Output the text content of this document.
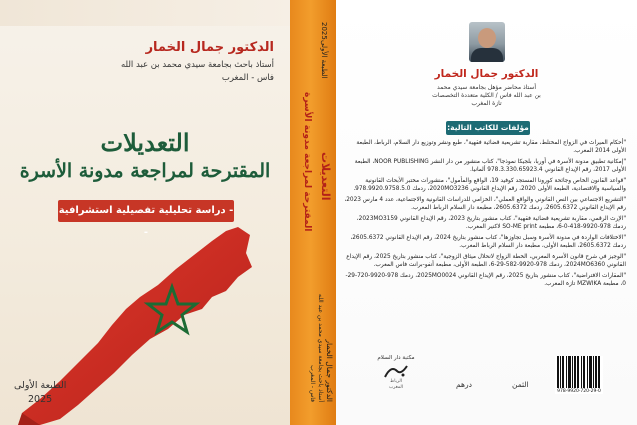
الدكتور جمال الخمار
أستاذ باحث بجامعة سيدي محمد بن عبد الله
فاس - المغرب
التعديلات
المقترحة لمراجعة مدونة الأسرة
- دراسة تحليلية تفصيلية استشرافية -
الطبعة الأولى
2025	الدكتور جمال الخمار
أستاذ باحث بجامعة سيدي محمد بن عبد الله
فاس - المغرب
التعديلات
المقترحة لمراجعة مدونة الأسرة
الطبعة الأولى
2025
الدكتور جمال الخمار
أستاذ محاضر مؤهل بجامعة سيدي محمد
بن عبد الله فاس / الكلية متعددة التخصصات
تازة المغرب
مؤلفات للكاتب التالية:
"أحكام الميراث في الزواج المختلط، مقاربة تشريعية قضائية فقهية"، طبع ونشر وتوزيع دار السلام، الرباط، الطبعة الأولى 2014 المغرب.
"إمكانية تطبيق مدونة الأسرة في أوربا، بلجيكا نموذجا"، كتاب منشور من دار النشر NOOR PUBLISHING، الطبعة الأولى 2017، رقم الإيداع القانوني 978.3.330.65923.4 ألمانيا.
"قواعد القانون الخاص وجائحة كورونا المستجد كوفيد 19، الواقع والمأمول"، منشورات مختبر الأبحاث القانونية والسياسية والاقتصادية، الطبعة الأولى 2020، رقم الإيداع القانوني 2020MO3236، ردمك 978.9920.9758.5.0.
"التشريع الاجتماعي بين النص القانوني والواقع العملي"، الخزامي للدراسات القانونية والاجتماعية، عدد 4 مارس 2023، رقم الإيداع القانوني 2605.6372، ردمك 2605.6372، مطبعة دار السلام الرباط المغرب.
"الإرث الرقمي، مقاربة تشريعية قضائية فقهية"، كتاب منشور بتاريخ 2023، رقم الإيداع القانوني 2023MO3159، ردمك 978-9920-418-0-6، مطبعة SO-ME print لاكنير المغرب.
"الاختلافات الواردة في مدونة الأسرة وسبل تجاوزها"، كتاب منشور بتاريخ 2024، رقم الإيداع القانوني 2605.6372، ردمك 2605.6372، الطبعة الأولى، مطبعة دار السلام الرباط المغرب.
"الوجيز في شرح قانون الأسرة المغربي، الخطة الزواج لانحلال ميثاق الزوجية"، كتاب منشور بتاريخ 2025، رقم الإيداع القانوني 2024MO6360، ردمك 978-9920-582-29-6، الطبعة الأولى، مطبعة أنفو-برانت فاس المغرب.
"المقارات الافتراضية"، كتاب منشور بتاريخ 2025، رقم الإيداع القانوني 2025MO0024، ردمك 978-9920-720-29-0، مطبعة MZWIKA تازة المغرب.
مكتبة دار السلام
الرباط
المغرب	درهم	الثمن
978-9920-720-29-0
